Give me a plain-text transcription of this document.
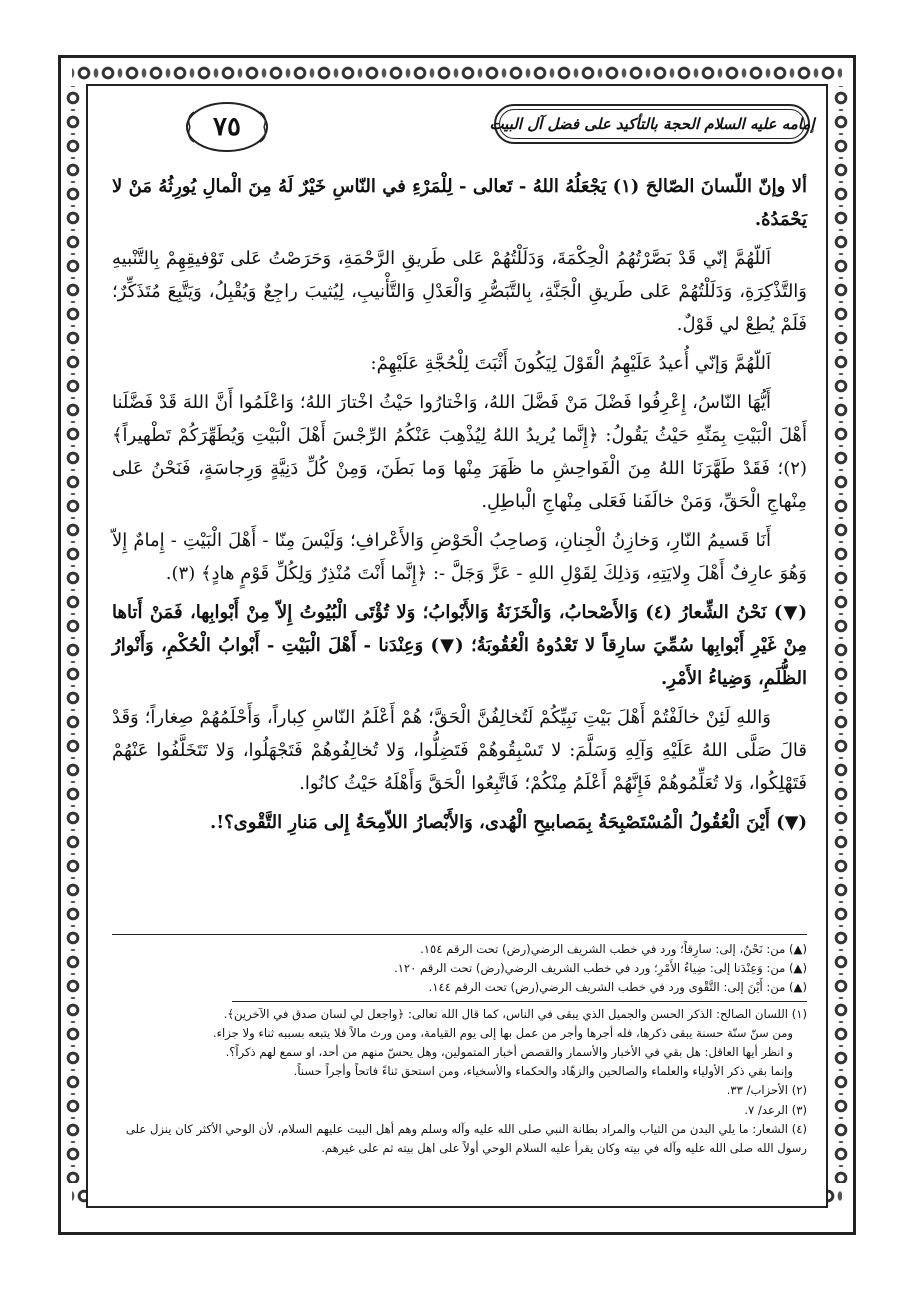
إمامه عليه السلام الحجة بالتأكيد على فضل آل البيت
٧٥

ألا وإنّ اللّسانَ الصّالحَ (١) يَجْعَلُهُ اللهُ - تَعالى - لِلْمَرْءِ في النّاسِ خَيْرٌ لَهُ مِنَ الْمالِ يُورِثُهُ مَنْ لا يَحْمَدُهُ.

اَللّهُمَّ إنّي قَدْ بَصَّرْتُهُمُ الْحِكْمَةَ، وَدَلَلْتُهُمْ عَلى طَريقِ الرَّحْمَةِ، وَحَرَصْتُ عَلى تَوْفيقِهِمْ بِالتَّنْبيهِ وَالتَّذْكِرَةِ، وَدَلَلْتُهُمْ عَلى طَريقِ الْجَنَّةِ، بِالتَّبَصُّرِ وَالْعَدْلِ وَالتَّأْنيبِ، لِيُثيبَ راجِعٌ وَيُقْبِلُ، وَيَتَّبِعَ مُتَذَكِّرٌ؛ فَلَمْ يُطِعْ لي قَوْلٌ.

اَللّهُمَّ وَإنّي أُعيدُ عَلَيْهِمُ الْقَوْلَ لِيَكُونَ أَثْبَتَ لِلْحُجَّةِ عَلَيْهِمْ:

أَيُّهَا النّاسُ، إِعْرِفُوا فَضْلَ مَنْ فَضَّلَ اللهُ، وَاخْتارُوا حَيْثُ اخْتارَ اللهُ؛ وَاعْلَمُوا أَنَّ اللهَ قَدْ فَضَّلَنا أَهْلَ الْبَيْتِ بِمَنِّهِ حَيْثُ يَقُولُ: ﴿إِنَّما يُريدُ اللهُ لِيُذْهِبَ عَنْكُمُ الرِّجْسَ أَهْلَ الْبَيْتِ وَيُطَهِّرَكُمْ تَطْهيراً﴾ (٢)؛ فَقَدْ طَهَّرَنَا اللهُ مِنَ الْفَواحِشِ ما ظَهَرَ مِنْها وَما بَطَنَ، وَمِنْ كُلِّ دَنِيَّةٍ وَرِجاسَةٍ، فَنَحْنُ عَلى مِنْهاجِ الْحَقِّ، وَمَنْ خالَفَنا فَعَلى مِنْهاجِ الْباطِلِ.

أَنَا قَسيمُ النّارِ، وَخازِنُ الْجِنانِ، وَصاحِبُ الْحَوْضِ وَالأَعْرافِ؛ وَلَيْسَ مِنّا - أَهْلَ الْبَيْتِ - إِمامٌ إِلاّ وَهُوَ عارِفٌ أَهْلَ وِلايَتِهِ، وَذلِكَ لِقَوْلِ اللهِ - عَزَّ وَجَلَّ -: ﴿إِنَّما أَنْتَ مُنْذِرٌ وَلِكُلِّ قَوْمٍ هادٍ﴾ (٣).

(▼) نَحْنُ الشِّعارُ (٤) وَالأَصْحابُ، وَالْخَزَنَةُ وَالأَبْوابُ؛ وَلا تُؤْتَى الْبُيُوتُ إِلاّ مِنْ أَبْوابِها، فَمَنْ أَتاها مِنْ غَيْرِ أَبْوابِها سُمِّيَ سارِقاً لا تَعْدُوهُ الْعُقُوبَةُ؛ (▼) وَعِنْدَنا - أَهْلَ الْبَيْتِ - أَبْوابُ الْحُكْمِ، وَأَنْوارُ الظُّلَمِ، وَضِياءُ الأَمْرِ.

وَاللهِ لَئِنْ خالَفْتُمْ أَهْلَ بَيْتِ نَبِيِّكُمْ لَتُخالِفُنَّ الْحَقَّ؛ هُمْ أَعْلَمُ النّاسِ كِباراً، وَأَحْلَمُهُمْ صِغاراً؛ وَقَدْ قالَ صَلَّى اللهُ عَلَيْهِ وَآلِهِ وَسَلَّمَ: لا تَسْبِقُوهُمْ فَتَضِلُّوا، وَلا تُخالِفُوهُمْ فَتَجْهَلُوا، وَلا تَتَخَلَّفُوا عَنْهُمْ فَتَهْلِكُوا، وَلا تُعَلِّمُوهُمْ فَإِنَّهُمْ أَعْلَمُ مِنْكُمْ؛ فَاتَّبِعُوا الْحَقَّ وَأَهْلَهُ حَيْثُ كانُوا.

(▼) أَيْنَ الْعُقُولُ الْمُسْتَصْبِحَةُ بِمَصابيحِ الْهُدى، وَالأَبْصارُ اللاّمِحَةُ إِلى مَنارِ التَّقْوى؟!.

(▲) من: نَحْنُ، إلى: سارِقاً؛ ورد في خطب الشريف الرضي(رض) تحت الرقم ١٥٤.

(▲) من: وَعِنْدَنا إلى: ضِياءُ الأَمْرِ؛ ورد في خطب الشريف الرضي(رض) تحت الرقم ١٢٠.

(▲) من: أَيْنَ إلى: التَّقْوى ورد في خطب الشريف الرضي(رض) تحت الرقم ١٤٤.

(١) اللسان الصالح: الذكر الحسن والجميل الذي يبقى في الناس، كما قال الله تعالى: ﴿واجعل لي لسان صدق في الآخرين﴾.

ومن سنّ سنّة حسنة يبقى ذكرها، فله أجرها وأجر من عمل بها إلى يوم القيامة، ومن ورث مالاً فلا يتبعه بسببه ثناء ولا جزاء.

و انظر أيها العاقل: هل بقي في الأخبار والأسمار والقصص أخبار المتمولين، وهل يحسّ منهم من أحد، او سمع لهم ذكراً؟.

وإنما بقي ذكر الأولياء والعلماء والصالحين والزهّاد والحكماء والأسخياء، ومن استحق ثناءً فاتحاً وأجراً حسناً.

(٢) الأحزاب/ ٣٣.

(٣) الرعد/ ٧.

(٤) الشعار: ما يلي البدن من الثياب والمراد بطانة النبي صلى الله عليه وآله وسلم وهم أهل البيت عليهم السلام، لأن الوحي الأكثر كان ينزل على رسول الله صلى الله عليه وآله في بيته وكان يقرأ عليه السلام الوحي أولاً على اهل بيته ثم على غيرهم.
